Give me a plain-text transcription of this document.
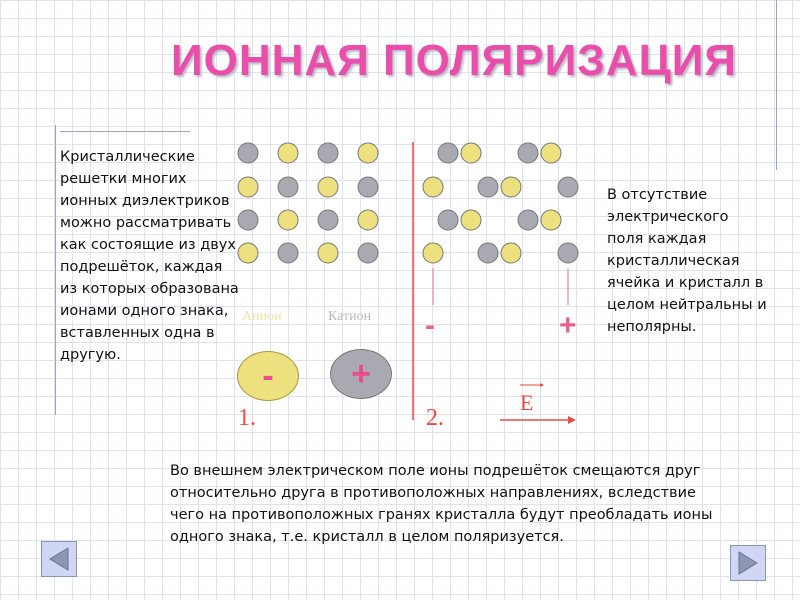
ИОННАЯ ПОЛЯРИЗАЦИЯ
Кристаллические решетки многих ионных диэлектриков можно рассматривать как состоящие из двух подрешёток, каждая из которых образована ионами одного знака, вставленных одна в другую.
В отсутствие электрического поля каждая кристаллическая ячейка и кристалл в целом нейтральны и неполярны.
Во внешнем электрическом поле ионы подрешёток смещаются друг относительно друга в противоположных направлениях, вследствие чего на противоположных гранях кристалла будут преобладать ионы одного знака, т.е. кристалл в целом поляризуется.
Анион	Катион
- +
1.	2.
-	+
E
